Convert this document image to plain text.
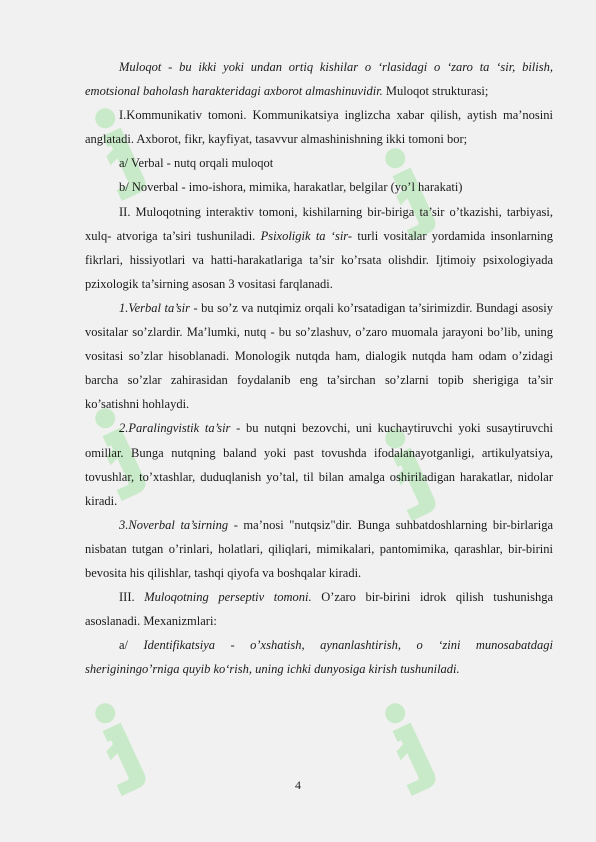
Muloqot - bu ikki yoki undan ortiq kishilar o ‘rlasidagi o ‘zaro ta ‘sir, bilish, emotsional baholash harakteridagi axborot almashinuvidir. Muloqot strukturasi;

I.Kommunikativ tomoni. Kommunikatsiya inglizcha xabar qilish, aytish ma’nosini anglatadi. Axborot, fikr, kayfiyat, tasavvur almashinishning ikki tomoni bor;

a/ Verbal - nutq orqali muloqot

b/ Noverbal - imo-ishora, mimika, harakatlar, belgilar (yo’l harakati)

II. Muloqotning interaktiv tomoni, kishilarning bir-biriga ta’sir o’tkazishi, tarbiyasi, xulq- atvoriga ta’siri tushuniladi. Psixoligik ta ‘sir- turli vositalar yordamida insonlarning fikrlari, hissiyotlari va hatti-harakatlariga ta’sir ko’rsata olishdir. Ijtimoiy psixologiyada pzixologik ta’sirning asosan 3 vositasi farqlanadi.

1.Verbal ta’sir - bu so’z va nutqimiz orqali ko’rsatadigan ta’sirimizdir. Bundagi asosiy vositalar so’zlardir. Ma’lumki, nutq - bu so’zlashuv, o’zaro muomala jarayoni bo’lib, uning vositasi so’zlar hisoblanadi. Monologik nutqda ham, dialogik nutqda ham odam o’zidagi barcha so’zlar zahirasidan foydalanib eng ta’sirchan so’zlarni topib sherigiga ta’sir ko’satishni hohlaydi.

2.Paralingvistik ta’sir - bu nutqni bezovchi, uni kuchaytiruvchi yoki susaytiruvchi omillar. Bunga nutqning baland yoki past tovushda ifodalanayotganligi, artikulyatsiya, tovushlar, to’xtashlar, duduqlanish yo’tal, til bilan amalga oshiriladigan harakatlar, nidolar kiradi.

3.Noverbal ta’sirning - ma’nosi "nutqsiz"dir. Bunga suhbatdoshlarning bir-birlariga nisbatan tutgan o’rinlari, holatlari, qiliqlari, mimikalari, pantomimika, qarashlar, bir-birini bevosita his qilishlar, tashqi qiyofa va boshqalar kiradi.

III. Muloqotning perseptiv tomoni. O’zaro bir-birini idrok qilish tushunishga asoslanadi. Mexanizmlari:

a/ Identifikatsiya - o’xshatish, aynanlashtirish, o ‘zini munosabatdagi sheriginingo’rniga quyib ko‘rish, uning ichki dunyosiga kirish tushuniladi.

4
